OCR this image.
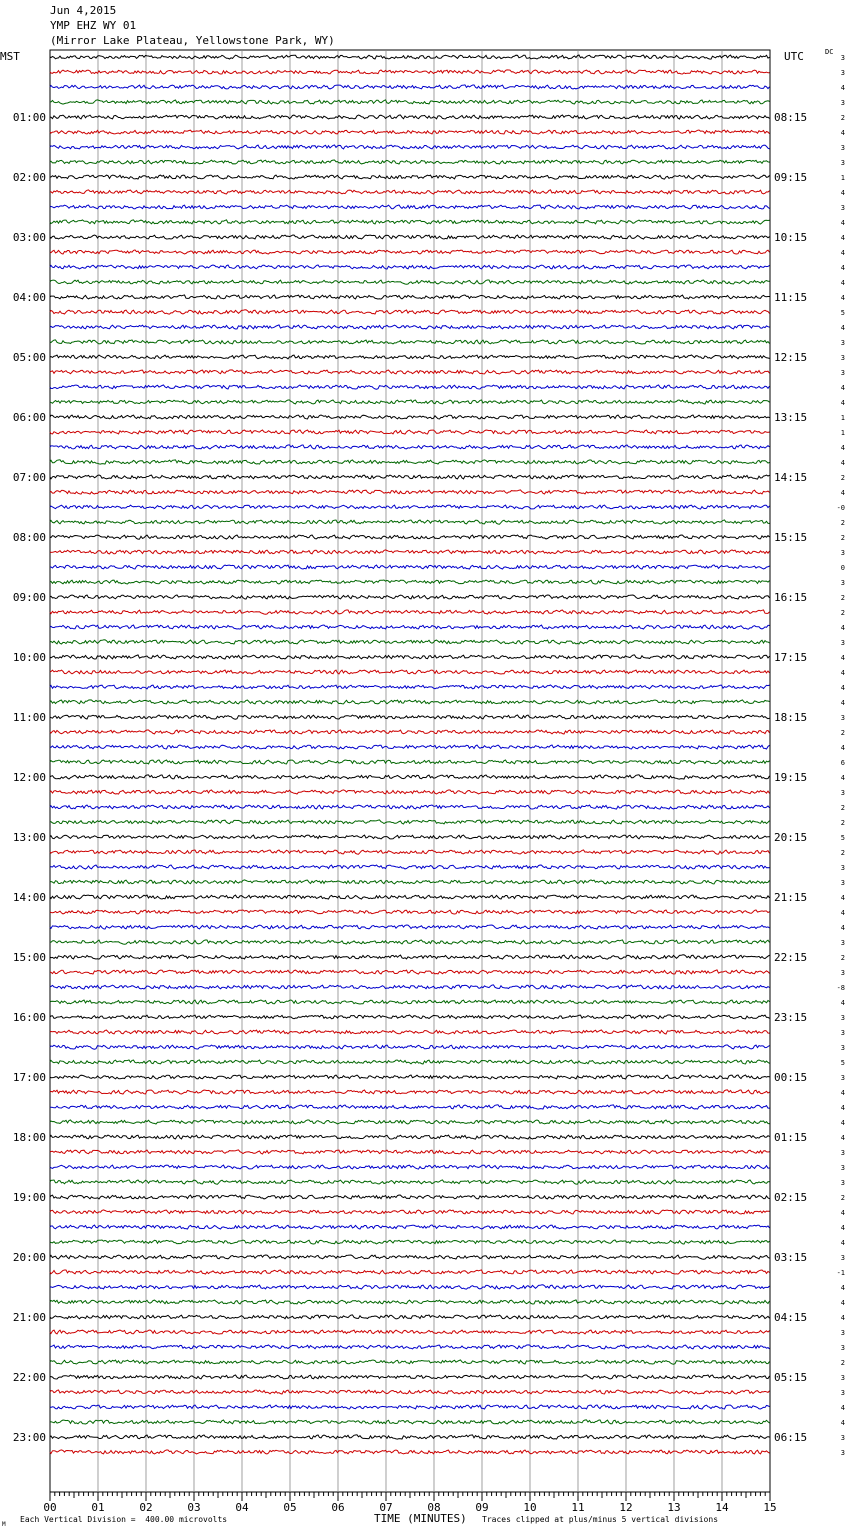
Jun 4,2015
YMP EHZ WY 01
(Mirror Lake Plateau, Yellowstone Park, WY)
MST	UTC	DC
01:00
02:00
03:00
04:00
05:00
06:00
07:00
08:00
09:00
10:00
11:00
12:00
13:00
14:00
15:00
16:00
17:00
18:00
19:00
20:00
21:00
22:00
23:00
08:15
09:15
10:15
11:15
12:15
13:15
14:15
15:15
16:15
17:15
18:15
19:15
20:15
21:15
22:15
23:15
00:15
01:15
02:15
03:15
04:15
05:15
06:15
3
3
4
3
2
4
3
3
1
4
3
4
4
4
4
4
4
5
4
3
3
3
4
4
1
1
4
4
2
4
-0
2
2
3
0
3
2
2
4
3
4
4
4
4
3
2
4
6
4
3
2
2
5
2
3
3
4
4
4
3
2
3
-8
4
3
3
3
5
3
4
4
4
4
3
3
3
2
4
4
4
3
-1
4
4
4
3
3
2
3
3
4
4
3
3
00	01	02	03	04	05	06	07	08	09	10	11	12	13	14	15
TIME (MINUTES)
Each Vertical Division =  400.00 microvolts	Traces clipped at plus/minus 5 vertical divisions
M
